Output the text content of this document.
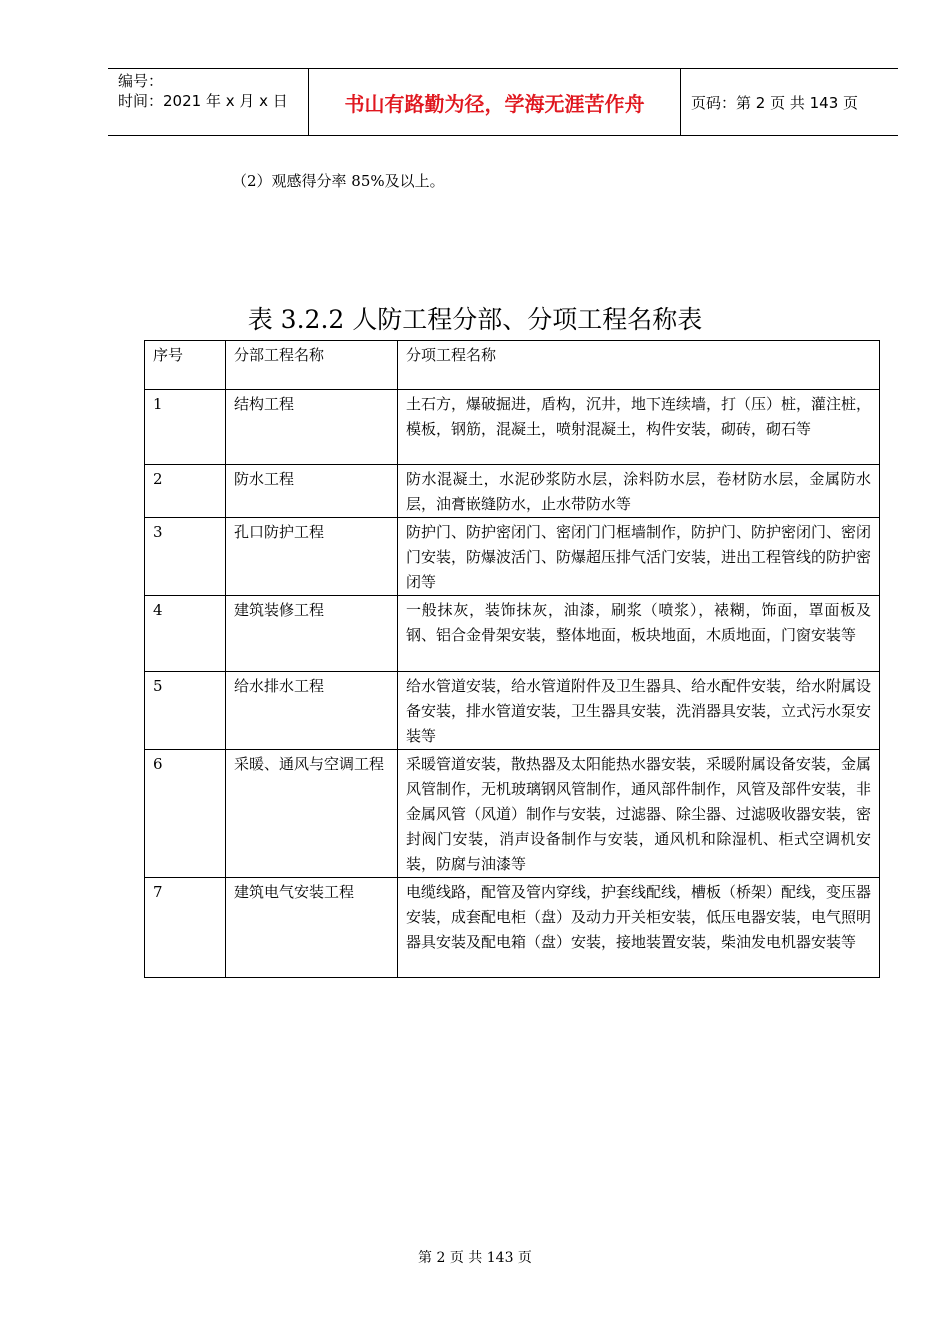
编号：
时间：2021 年 x 月 x 日	书山有路勤为径，学海无涯苦作舟	页码：第 2 页 共 143 页
（2）观感得分率 85%及以上。
表 3.2.2 人防工程分部、分项工程名称表
序号	分部工程名称	分项工程名称
1	结构工程	土石方，爆破掘进，盾构，沉井，地下连续墙，打（压）桩，灌注桩，模板，钢筋，混凝土，喷射混凝土，构件安装，砌砖，砌石等
2	防水工程	防水混凝土，水泥砂浆防水层，涂料防水层，卷材防水层，金属防水层，油膏嵌缝防水，止水带防水等
3	孔口防护工程	防护门、防护密闭门、密闭门门框墙制作，防护门、防护密闭门、密闭门安装，防爆波活门、防爆超压排气活门安装，进出工程管线的防护密闭等
4	建筑装修工程	一般抹灰，装饰抹灰，油漆，刷浆（喷浆），裱糊，饰面，罩面板及钢、铝合金骨架安装，整体地面，板块地面，木质地面，门窗安装等
5	给水排水工程	给水管道安装，给水管道附件及卫生器具、给水配件安装，给水附属设备安装，排水管道安装，卫生器具安装，洗消器具安装，立式污水泵安装等
6	采暖、通风与空调工程	采暖管道安装，散热器及太阳能热水器安装，采暖附属设备安装，金属风管制作，无机玻璃钢风管制作，通风部件制作，风管及部件安装，非金属风管（风道）制作与安装，过滤器、除尘器、过滤吸收器安装，密封阀门安装，消声设备制作与安装，通风机和除湿机、柜式空调机安装，防腐与油漆等
7	建筑电气安装工程	电缆线路，配管及管内穿线，护套线配线，槽板（桥架）配线，变压器安装，成套配电柜（盘）及动力开关柜安装，低压电器安装，电气照明器具安装及配电箱（盘）安装，接地装置安装，柴油发电机器安装等
第 2 页 共 143 页
